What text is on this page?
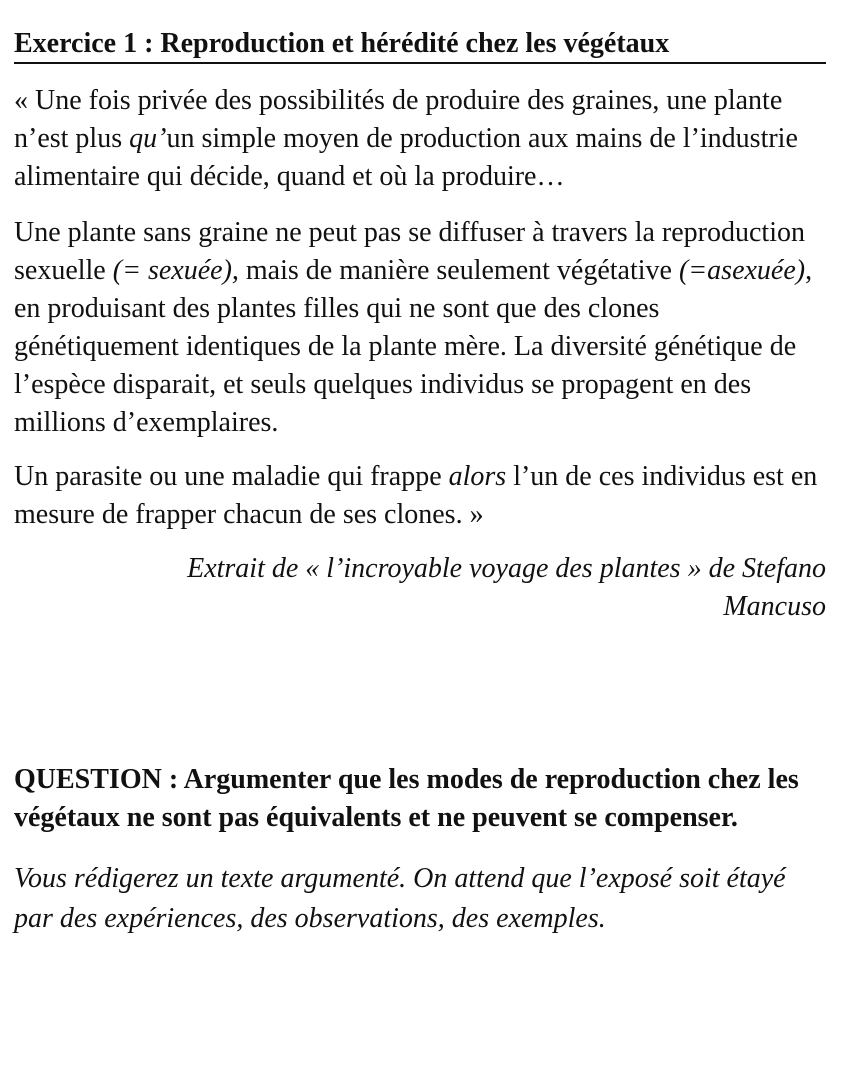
Exercice 1 : Reproduction et hérédité chez les végétaux

« Une fois privée des possibilités de produire des graines, une plante n’est plus qu’un simple moyen de production aux mains de l’industrie alimentaire qui décide, quand et où la produire…

Une plante sans graine ne peut pas se diffuser à travers la reproduction sexuelle (= sexuée), mais de manière seulement végétative (=asexuée), en produisant des plantes filles qui ne sont que des clones génétiquement identiques de la plante mère. La diversité génétique de l’espèce disparait, et seuls quelques individus se propagent en des millions d’exemplaires.

Un parasite ou une maladie qui frappe alors l’un de ces individus est en mesure de frapper chacun de ses clones. »

Extrait de « l’incroyable voyage des plantes » de Stefano
Mancuso

QUESTION : Argumenter que les modes de reproduction chez les végétaux ne sont pas équivalents et ne peuvent se compenser.

Vous rédigerez un texte argumenté. On attend que l’exposé soit étayé par des expériences, des observations, des exemples.
